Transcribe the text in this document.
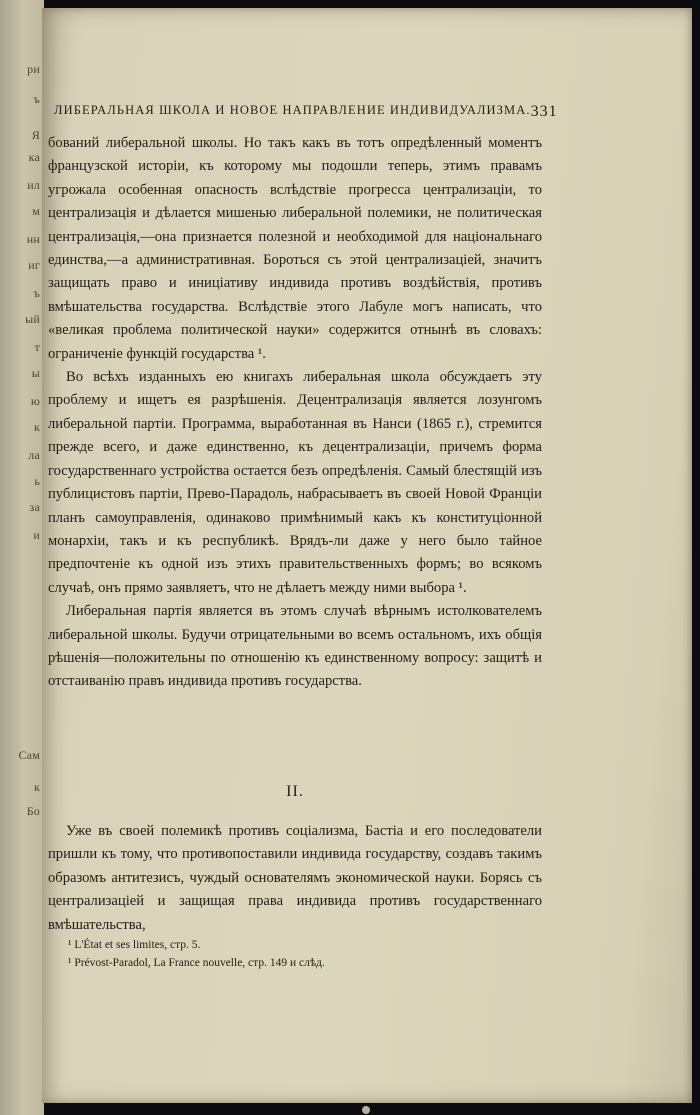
ри
ъ
Я
ка
ил
м
нн
иг
ъ
ый
т
ы
ю
к
ла
ь
за
и
Сам
к
Бо
ЛИБЕРАЛЬНАЯ ШКОЛА И НОВОЕ НАПРАВЛЕНИЕ ИНДИВИДУАЛИЗМА. 331

бований либеральной школы. Но такъ какъ въ тотъ опредѣленный моментъ французской исторіи, къ которому мы подошли теперь, этимъ правамъ угрожала особенная опасность вслѣдствіе прогресса централизаціи, то централизація и дѣлается мишенью либеральной полемики, не политическая централизація,—она признается полезной и необходимой для національнаго единства,—а административная. Бороться съ этой централизаціей, значитъ защищать право и иниціативу индивида противъ воздѣйствія, противъ вмѣшательства государства. Вслѣдствіе этого Лабуле могъ написать, что «великая проблема политической науки» содержится отнынѣ въ словахъ: ограниченіе функцій государства ¹.

Во всѣхъ изданныхъ ею книгахъ либеральная школа обсуждаетъ эту проблему и ищетъ ея разрѣшенія. Децентрализація является лозунгомъ либеральной партіи. Программа, выработанная въ Нанси (1865 г.), стремится прежде всего, и даже единственно, къ децентрализаціи, причемъ форма государственнаго устройства остается безъ опредѣленія. Самый блестящій изъ публицистовъ партіи, Прево-Парадоль, набрасываетъ въ своей Новой Франціи планъ самоуправленія, одинаково примѣнимый какъ къ конституціонной монархіи, такъ и къ республикѣ. Врядъ-ли даже у него было тайное предпочтеніе къ одной изъ этихъ правительственныхъ формъ; во всякомъ случаѣ, онъ прямо заявляетъ, что не дѣлаетъ между ними выбора ¹.

Либеральная партія является въ этомъ случаѣ вѣрнымъ истолкователемъ либеральной школы. Будучи отрицательными во всемъ остальномъ, ихъ общія рѣшенія—положительны по отношенію къ единственному вопросу: защитѣ и отстаиванію правъ индивида противъ государства.

II.

Уже въ своей полемикѣ противъ соціализма, Бастіа и его последователи пришли къ тому, что противопоставили индивида государству, создавъ такимъ образомъ антитезисъ, чуждый основателямъ экономической науки. Борясь съ централизаціей и защищая права индивида противъ государственнаго вмѣшательства,

¹ L'État et ses limites, стр. 5.
¹ Prévost-Paradol, La France nouvelle, стр. 149 и слѣд.
